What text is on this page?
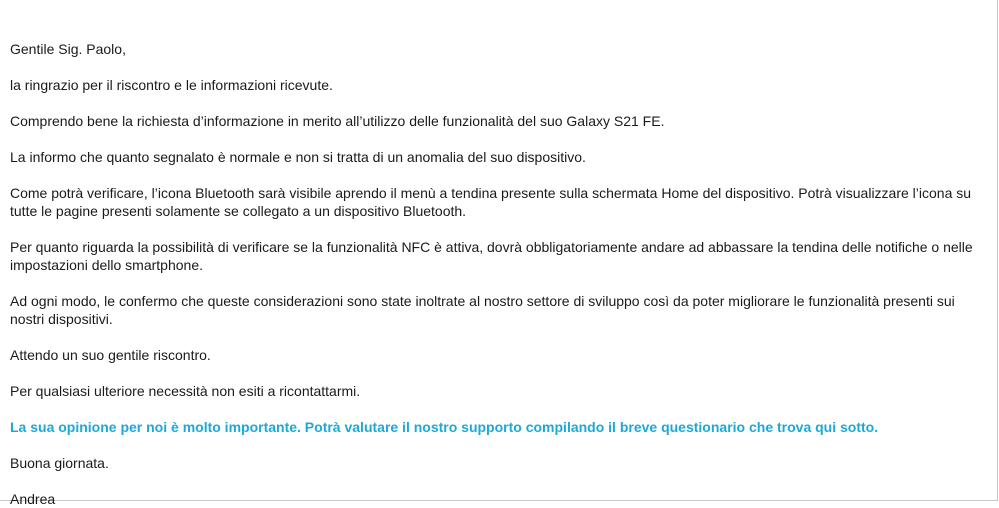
Gentile Sig. Paolo,

la ringrazio per il riscontro e le informazioni ricevute.

Comprendo bene la richiesta d’informazione in merito all’utilizzo delle funzionalità del suo Galaxy S21 FE.

La informo che quanto segnalato è normale e non si tratta di un anomalia del suo dispositivo.

Come potrà verificare, l’icona Bluetooth sarà visibile aprendo il menù a tendina presente sulla schermata Home del dispositivo. Potrà visualizzare l’icona su tutte le pagine presenti solamente se collegato a un dispositivo Bluetooth.

Per quanto riguarda la possibilità di verificare se la funzionalità NFC è attiva, dovrà obbligatoriamente andare ad abbassare la tendina delle notifiche o nelle impostazioni dello smartphone.

Ad ogni modo, le confermo che queste considerazioni sono state inoltrate al nostro settore di sviluppo così da poter migliorare le funzionalità presenti sui nostri dispositivi.

Attendo un suo gentile riscontro.

Per qualsiasi ulteriore necessità non esiti a ricontattarmi.

La sua opinione per noi è molto importante. Potrà valutare il nostro supporto compilando il breve questionario che trova qui sotto.

Buona giornata.

Andrea
